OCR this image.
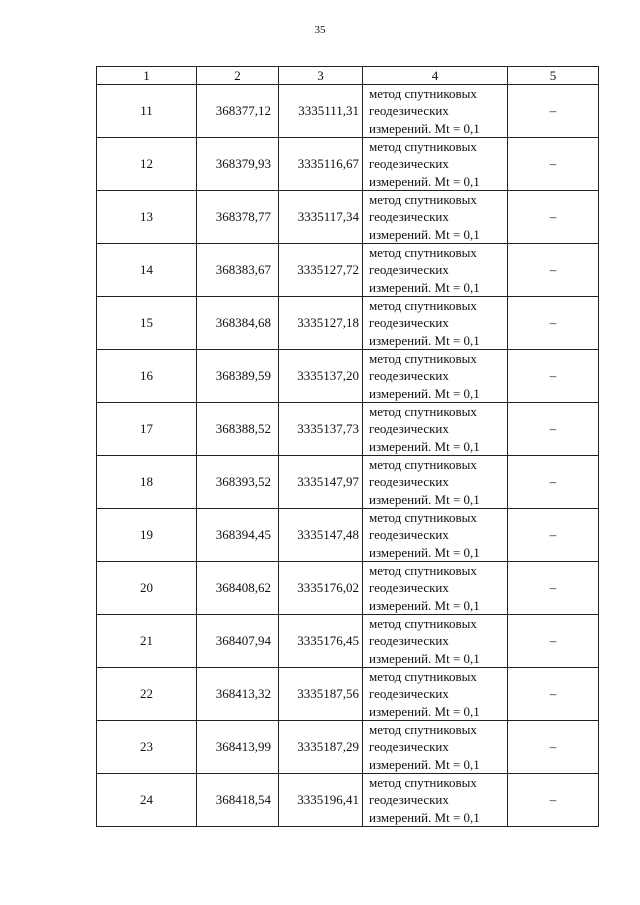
35
1	2	3	4	5
11	368377,12	3335111,31	метод спутниковых
геодезических
измерений. Mt = 0,1	–
12	368379,93	3335116,67	метод спутниковых
геодезических
измерений. Mt = 0,1	–
13	368378,77	3335117,34	метод спутниковых
геодезических
измерений. Mt = 0,1	–
14	368383,67	3335127,72	метод спутниковых
геодезических
измерений. Mt = 0,1	–
15	368384,68	3335127,18	метод спутниковых
геодезических
измерений. Mt = 0,1	–
16	368389,59	3335137,20	метод спутниковых
геодезических
измерений. Mt = 0,1	–
17	368388,52	3335137,73	метод спутниковых
геодезических
измерений. Mt = 0,1	–
18	368393,52	3335147,97	метод спутниковых
геодезических
измерений. Mt = 0,1	–
19	368394,45	3335147,48	метод спутниковых
геодезических
измерений. Mt = 0,1	–
20	368408,62	3335176,02	метод спутниковых
геодезических
измерений. Mt = 0,1	–
21	368407,94	3335176,45	метод спутниковых
геодезических
измерений. Mt = 0,1	–
22	368413,32	3335187,56	метод спутниковых
геодезических
измерений. Mt = 0,1	–
23	368413,99	3335187,29	метод спутниковых
геодезических
измерений. Mt = 0,1	–
24	368418,54	3335196,41	метод спутниковых
геодезических
измерений. Mt = 0,1	–
